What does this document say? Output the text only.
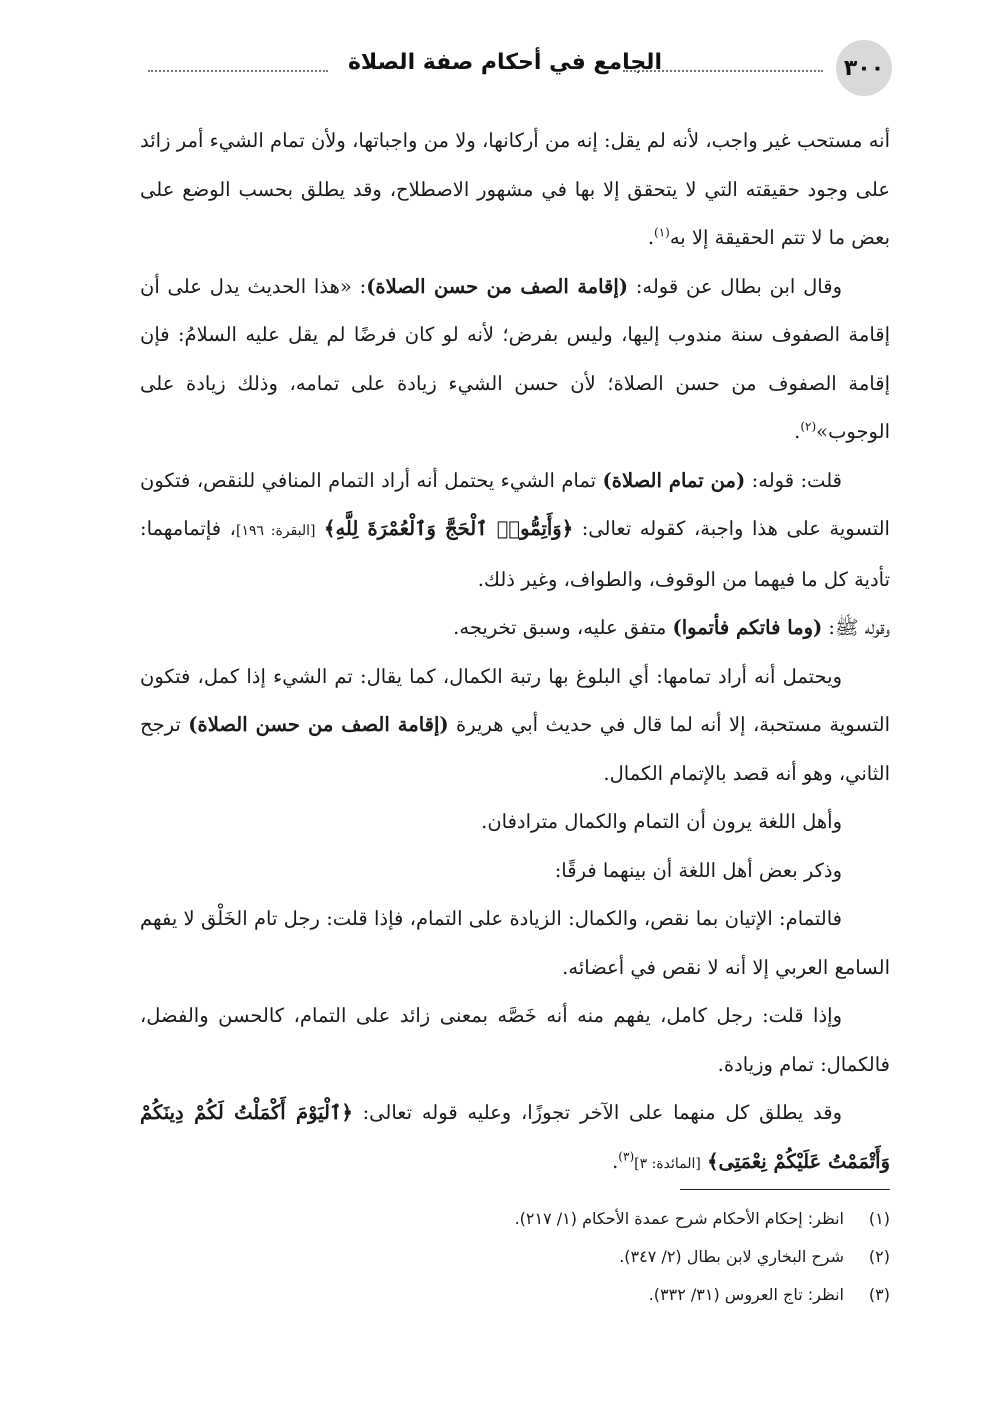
٣٠٠
الجامع في أحكام صفة الصلاة

أنه مستحب غير واجب، لأنه لم يقل: إنه من أركانها، ولا من واجباتها، ولأن تمام الشيء أمر زائد على وجود حقيقته التي لا يتحقق إلا بها في مشهور الاصطلاح، وقد يطلق بحسب الوضع على بعض ما لا تتم الحقيقة إلا به$^{(١)}$.

وقال ابن بطال عن قوله: (إقامة الصف من حسن الصلاة): «هذا الحديث يدل على أن إقامة الصفوف سنة مندوب إليها، وليس بفرض؛ لأنه لو كان فرضًا لم يقل عليه السلامُ: فإن إقامة الصفوف من حسن الصلاة؛ لأن حسن الشيء زيادة على تمامه، وذلك زيادة على الوجوب»$^{(٢)}$.

قلت: قوله: (من تمام الصلاة) تمام الشيء يحتمل أنه أراد التمام المنافي للنقص، فتكون التسوية على هذا واجبة، كقوله تعالى: ﴿وَأَتِمُّوا۟ ٱلْحَجَّ وَٱلْعُمْرَةَ لِلَّهِ﴾ [البقرة: ١٩٦]، فإتمامهما: تأدية كل ما فيهما من الوقوف، والطواف، وغير ذلك.

وقوله ﷺ: (وما فاتكم فأتموا) متفق عليه، وسبق تخريجه.

ويحتمل أنه أراد تمامها: أي البلوغ بها رتبة الكمال، كما يقال: تم الشيء إذا كمل، فتكون التسوية مستحبة، إلا أنه لما قال في حديث أبي هريرة (إقامة الصف من حسن الصلاة) ترجح الثاني، وهو أنه قصد بالإتمام الكمال.

وأهل اللغة يرون أن التمام والكمال مترادفان.

وذكر بعض أهل اللغة أن بينهما فرقًا:

فالتمام: الإتيان بما نقص، والكمال: الزيادة على التمام، فإذا قلت: رجل تام الخَلْق لا يفهم السامع العربي إلا أنه لا نقص في أعضائه.

وإذا قلت: رجل كامل، يفهم منه أنه خَصَّه بمعنى زائد على التمام، كالحسن والفضل، فالكمال: تمام وزيادة.

وقد يطلق كل منهما على الآخر تجوزًا، وعليه قوله تعالى: ﴿ٱلْيَوْمَ أَكْمَلْتُ لَكُمْ دِينَكُمْ وَأَتْمَمْتُ عَلَيْكُمْ نِعْمَتِى﴾ [المائدة: ٣]$^{(٣)}$.

(١)
انظر: إحكام الأحكام شرح عمدة الأحكام (١/ ٢١٧).
(٢)
شرح البخاري لابن بطال (٢/ ٣٤٧).
(٣)
انظر: تاج العروس (٣١/ ٣٣٢).
